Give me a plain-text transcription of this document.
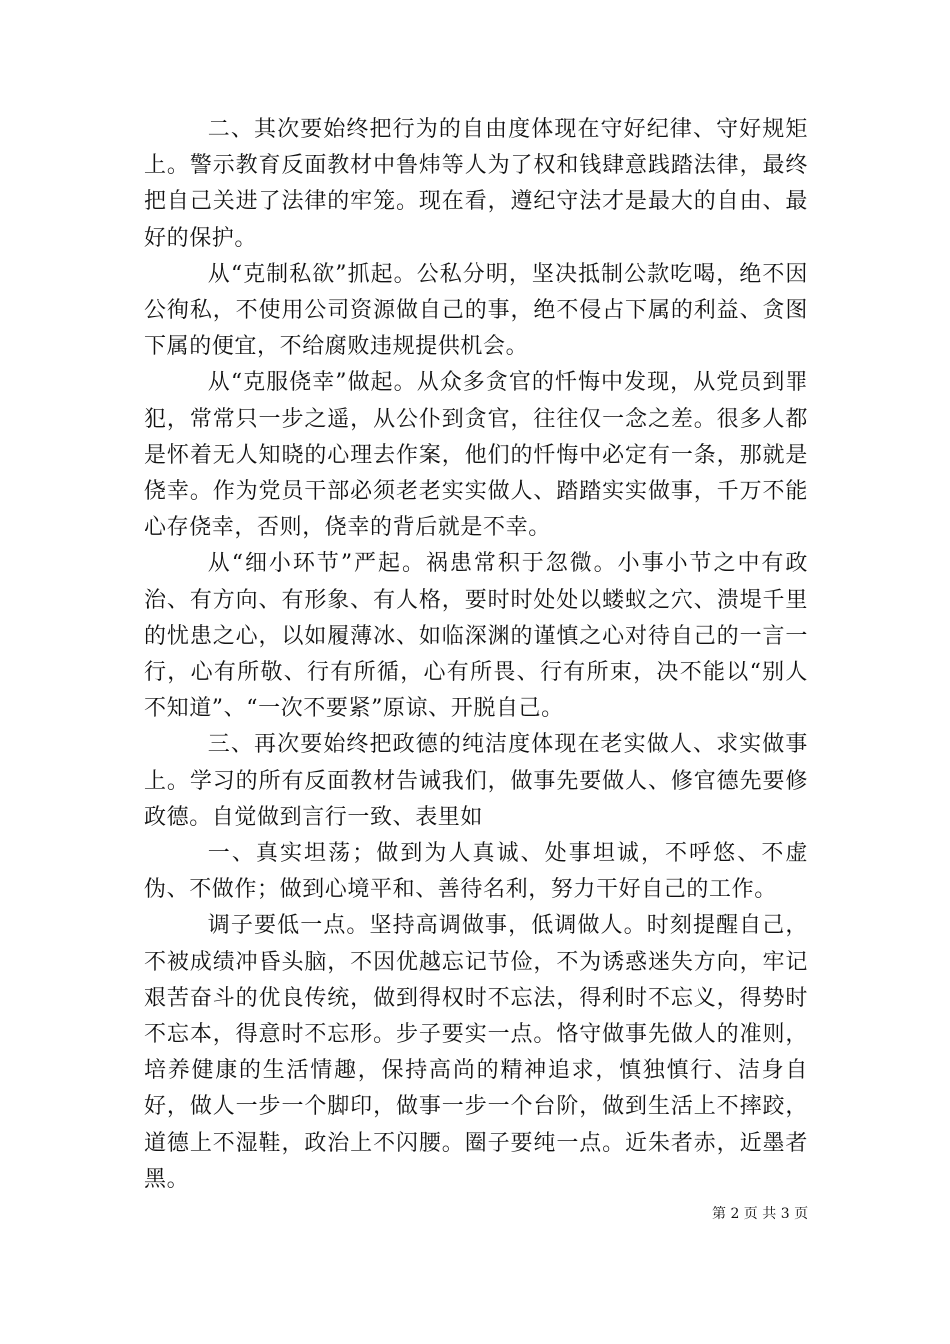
二、其次要始终把行为的自由度体现在守好纪律、守好规矩上。警示教育反面教材中鲁炜等人为了权和钱肆意践踏法律，最终把自己关进了法律的牢笼。现在看，遵纪守法才是最大的自由、最好的保护。

从“克制私欲”抓起。公私分明，坚决抵制公款吃喝，绝不因公徇私，不使用公司资源做自己的事，绝不侵占下属的利益、贪图下属的便宜，不给腐败违规提供机会。

从“克服侥幸”做起。从众多贪官的忏悔中发现，从党员到罪犯，常常只一步之遥，从公仆到贪官，往往仅一念之差。很多人都是怀着无人知晓的心理去作案，他们的忏悔中必定有一条，那就是侥幸。作为党员干部必须老老实实做人、踏踏实实做事，千万不能心存侥幸，否则，侥幸的背后就是不幸。

从“细小环节”严起。祸患常积于忽微。小事小节之中有政治、有方向、有形象、有人格，要时时处处以蝼蚁之穴、溃堤千里的忧患之心，以如履薄冰、如临深渊的谨慎之心对待自己的一言一行，心有所敬、行有所循，心有所畏、行有所束，决不能以“别人不知道”、“一次不要紧”原谅、开脱自己。

三、再次要始终把政德的纯洁度体现在老实做人、求实做事上。学习的所有反面教材告诫我们，做事先要做人、修官德先要修政德。自觉做到言行一致、表里如

一、真实坦荡；做到为人真诚、处事坦诚，不呼悠、不虚伪、不做作；做到心境平和、善待名利，努力干好自己的工作。

调子要低一点。坚持高调做事，低调做人。时刻提醒自己，不被成绩冲昏头脑，不因优越忘记节俭，不为诱惑迷失方向，牢记艰苦奋斗的优良传统，做到得权时不忘法，得利时不忘义，得势时不忘本，得意时不忘形。步子要实一点。恪守做事先做人的准则，培养健康的生活情趣，保持高尚的精神追求，慎独慎行、洁身自好，做人一步一个脚印，做事一步一个台阶，做到生活上不摔跤，道德上不湿鞋，政治上不闪腰。圈子要纯一点。近朱者赤，近墨者黑。

第 2 页 共 3 页
